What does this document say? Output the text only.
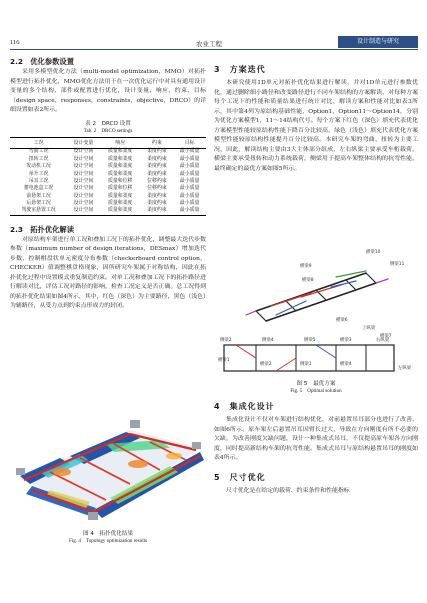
116	农业工程	设计制造与研究
2.2　优化参数设置
采用多模型优化方法（multi-model optimization，MMO）对拓扑模型进行拓扑优化，MMO优化方法用于在一次优化运行中对具有通用设计变量的多个结构、部件或配置进行优化，设计变量、响应、约束、目标（design space，responses，constraints，objective，DRCO）的详细设置如表2所示。
表 2　DRCO 设置
Tab. 2　DRCO settings
工况	设计变量	响应	约束	目标
弯曲工况	设计空间	质量和柔度	柔度约束	最小质量
扭转工况	设计空间	质量和柔度	柔度约束	最小质量
发动机工况	设计空间	质量和柔度	柔度约束	最小质量
举升工况	设计空间	质量和柔度	柔度约束	最小质量
吊耳工况	设计空间	质量和位移	位移约束	最小质量
蓄电池盒工况	设计空间	质量和位移	位移约束	最小质量
前悬架工况	设计空间	质量和柔度	柔度约束	最小质量
后悬架工况	设计空间	质量和柔度	柔度约束	最小质量
驾驶室悬置工况	设计空间	质量和柔度	柔度约束	最小质量
2.3　拓扑优化解读
对原结构车架进行单工况和叠加工况下的拓扑优化，调整最大迭代步数参数（maximum number of design iterations，DESmax）增加迭代步数，控制棋盘状单元密度分布参数（checkerboard control option，CHECKER）值调整棋盘格现象，因所研究车架属于对称结构，因此在拓扑优化过程中设置模式重复制造约束。对单工况和叠加工况下的拓扑路径进行解读对比，评估工况对路径的影响，检查工况定义是否正确。总工况得到的拓扑优化结果如图4所示，其中，红色（深色）为主要路径，黑色（浅色）为辅路径，从受力点到约束点形成力的封闭。
图 4　拓扑优化结果
Fig. 4　Topology optimization results
3　方案迭代
本研究使用1D单元对拓扑优化结果进行解读，并对1D单元进行参数优化，通过删除细小路径和改变路径进行不同车架结构的方案解读，对每种方案每个工况下的性能和质量结果进行统计对比，解读方案和性能对比如表3所示，其中第4列为原结构基础性能，Option1，Option11～Option14，分别为优化方案模型1，11～14结构代号。每个方案下红色（深色）填充代表优化方案模型性能较原结构性能下降百分比较高，绿色（浅色）填充代表优化方案模型性能较原结构性能提升百分比较高。本研究车架的弯曲、扭转为主要工况，因此，解读结构主要由3大主体部分组成，左右纵梁主要承受车桁载荷，横梁主要承受扭转和动力系统载荷，侧梁用于提高车架整体结构的抗弯性能。最终确定的最优方案如图5所示。
横梁10
侧梁11
横梁9
横梁8
上纵梁
横梁7
横梁6
侧梁2	侧梁4	侧梁5	横梁3	右纵梁
横梁1
横梁2	侧梁1	横梁4
左纵梁
图 5　最优方案
Fig. 5　Optimal solution
4　集成化设计
集成化设计不仅对车架进行结构优化，对前悬置吊耳部分也进行了改善，如图6所示。原车架左后悬置吊耳因臂长过大，导致在方向刚度有所不必要的欠缺，为改善刚度欠缺问题，设计一种集成式吊耳，不仅提高原车架各方向刚度，同时提高新结构车架的抗弯性能。集成式吊耳与原结构悬置吊耳的刚度如表4所示。
5　尺寸优化
尺寸优化是在给定的载荷、约束条件和性能指标
